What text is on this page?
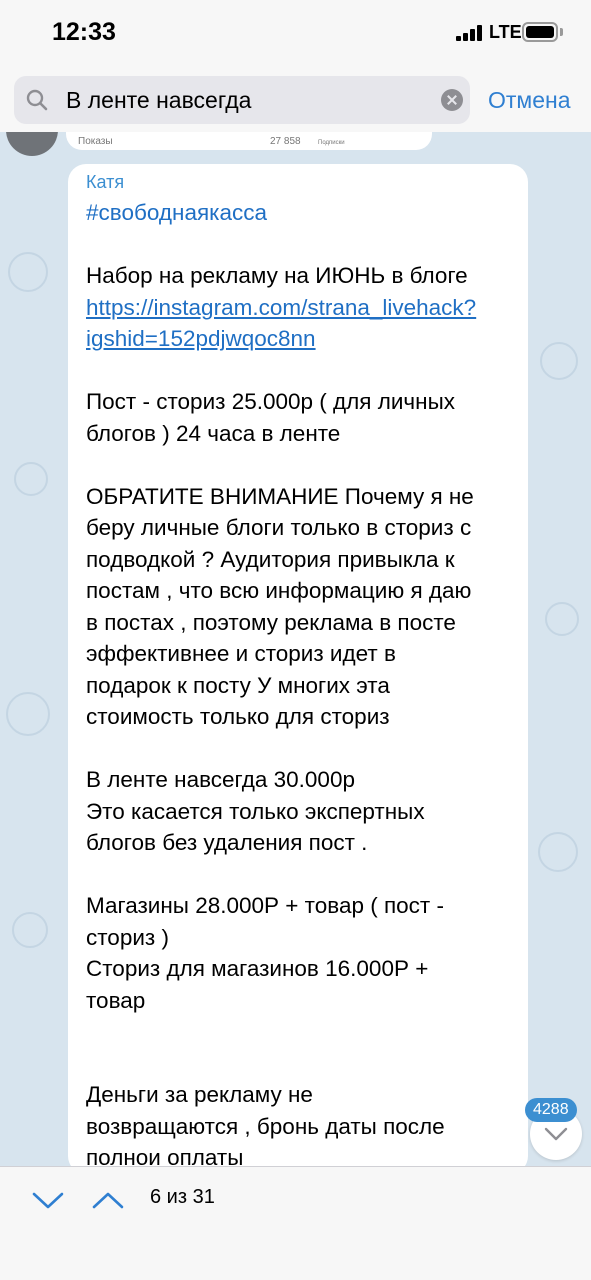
12:33	LTE
В ленте навсегда
Отмена
Показы	27 858	Подписки
Катя
#свободнаякасса
Набор на рекламу на ИЮНЬ в блоге
https://instagram.com/strana_livehack?
igshid=152pdjwqoc8nn
Пост - сториз 25.000р ( для личных
блогов ) 24 часа в ленте
ОБРАТИТЕ ВНИМАНИЕ Почему я не
беру личные блоги только в сториз с
подводкой ? Аудитория привыкла к
постам , что всю информацию я даю
в постах , поэтому реклама в посте
эффективнее и сториз идет в
подарок к посту У многих эта
стоимость только для сториз
В ленте навсегда 30.000р
Это касается только экспертных
блогов без удаления пост .
Магазины 28.000Р + товар ( пост -
сториз )
Сториз для магазинов 16.000Р +
товар
Деньги за рекламу не
возвращаются , бронь даты после
полнои оплаты
4288
6 из 31
